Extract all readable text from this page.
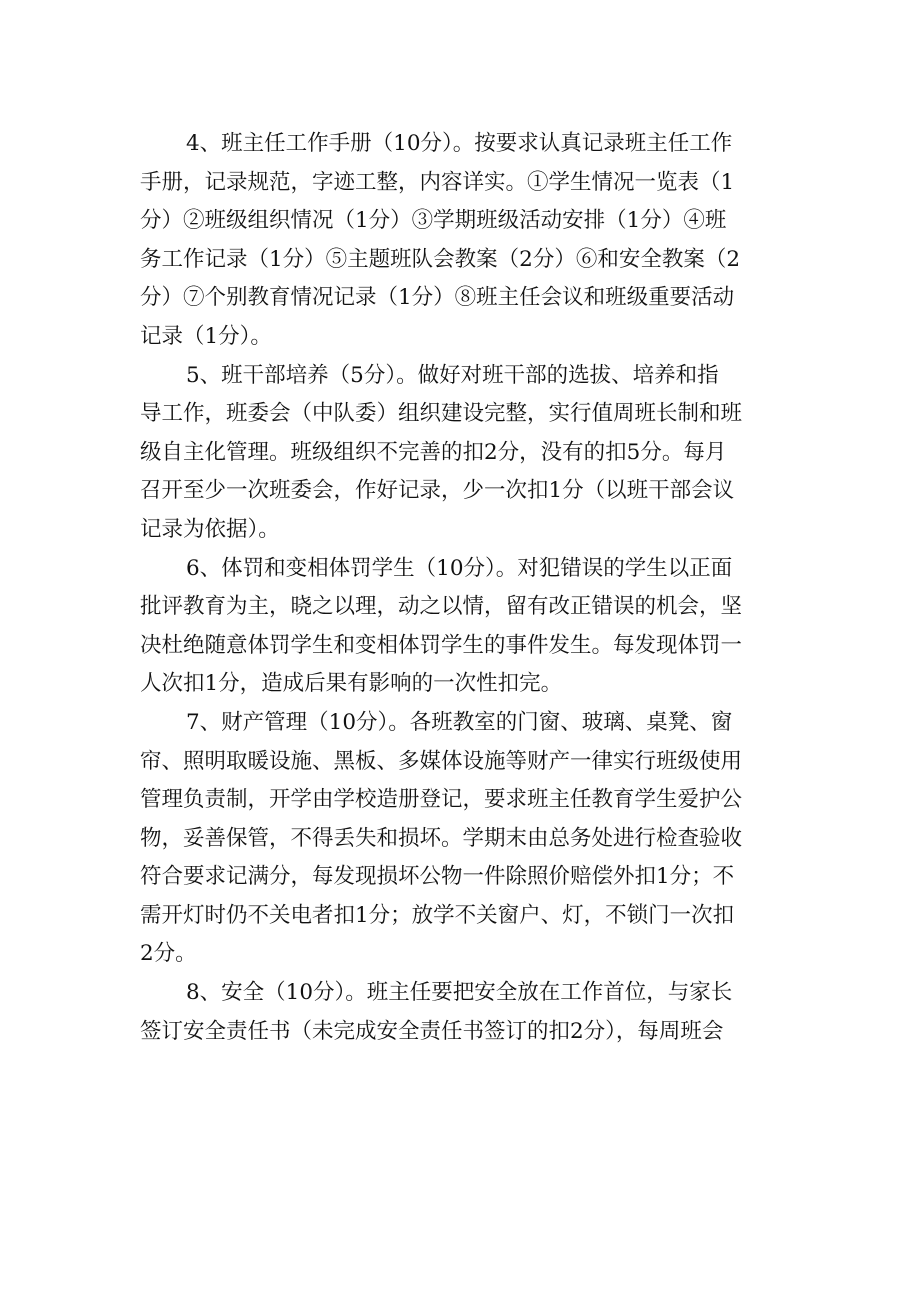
4、班主任工作手册（10分）。按要求认真记录班主任工作
手册，记录规范，字迹工整，内容详实。①学生情况一览表（1
分）②班级组织情况（1分）③学期班级活动安排（1分）④班
务工作记录（1分）⑤主题班队会教案（2分）⑥和安全教案（2
分）⑦个别教育情况记录（1分）⑧班主任会议和班级重要活动
记录（1分）。
5、班干部培养（5分）。做好对班干部的选拔、培养和指
导工作，班委会（中队委）组织建设完整，实行值周班长制和班
级自主化管理。班级组织不完善的扣2分，没有的扣5分。每月
召开至少一次班委会，作好记录，少一次扣1分（以班干部会议
记录为依据）。
6、体罚和变相体罚学生（10分）。对犯错误的学生以正面
批评教育为主，晓之以理，动之以情，留有改正错误的机会，坚
决杜绝随意体罚学生和变相体罚学生的事件发生。每发现体罚一
人次扣1分，造成后果有影响的一次性扣完。
7、财产管理（10分）。各班教室的门窗、玻璃、桌凳、窗
帘、照明取暖设施、黑板、多媒体设施等财产一律实行班级使用
管理负责制，开学由学校造册登记，要求班主任教育学生爱护公
物，妥善保管，不得丢失和损坏。学期末由总务处进行检查验收
符合要求记满分，每发现损坏公物一件除照价赔偿外扣1分；不
需开灯时仍不关电者扣1分；放学不关窗户、灯，不锁门一次扣
2分。
8、安全（10分）。班主任要把安全放在工作首位，与家长
签订安全责任书（未完成安全责任书签订的扣2分），每周班会
